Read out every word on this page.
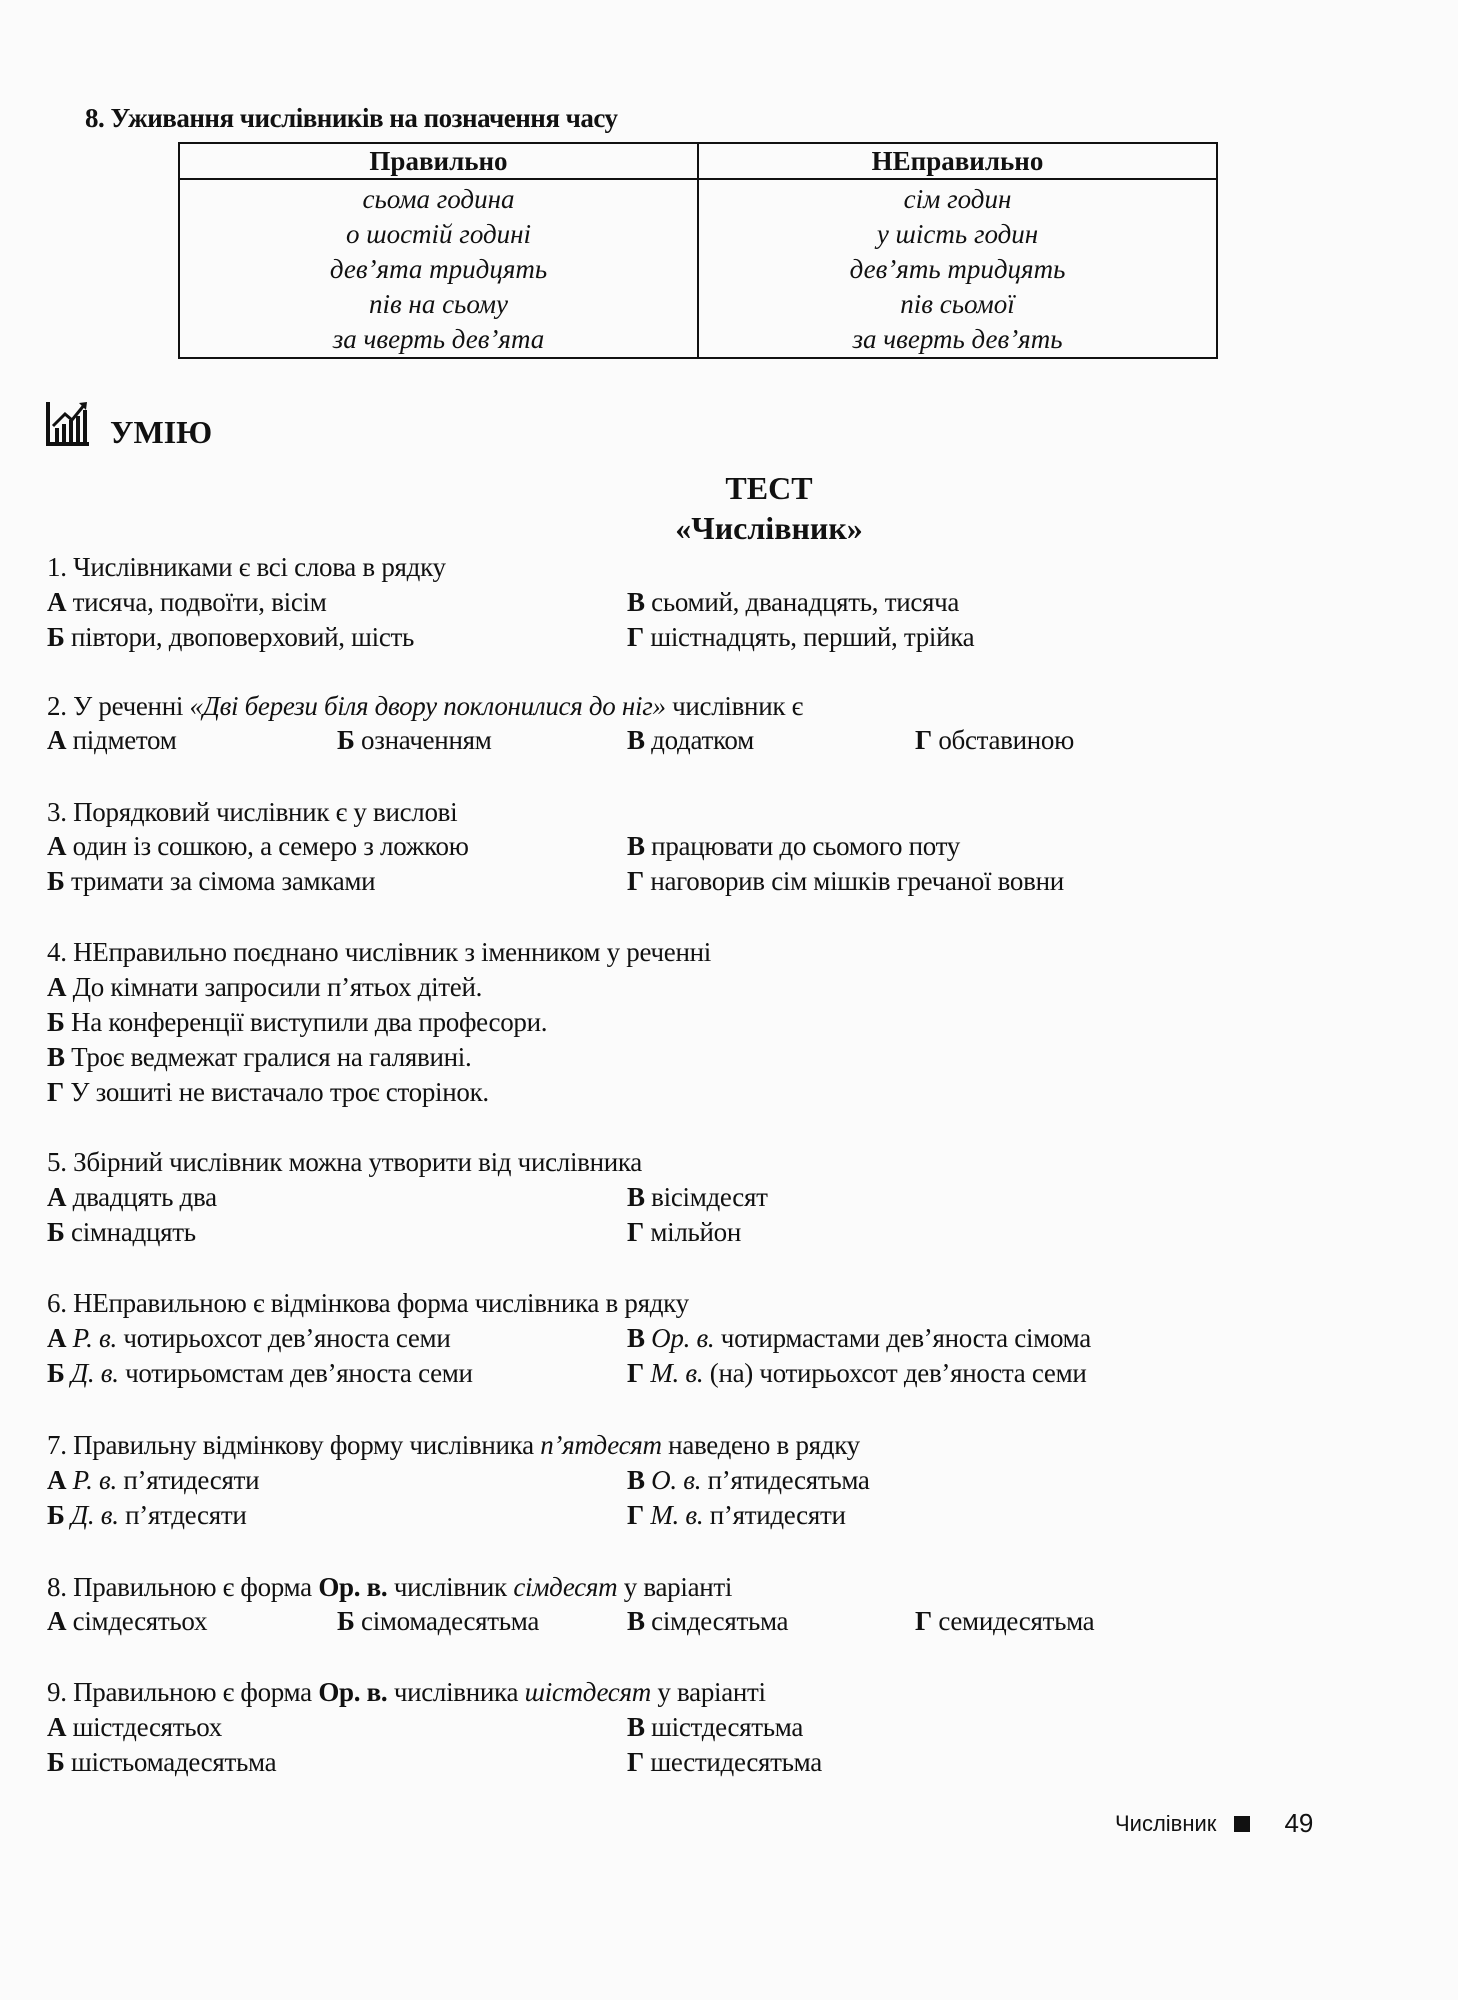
8. Уживання числівників на позначення часу
Правильно	НЕправильно
сьома година	сім годин
о шостій годині	у шість годин
дев’ята тридцять	дев’ять тридцять
пів на сьому	пів сьомої
за чверть дев’ята	за чверть дев’ять
УМІЮ
ТЕСТ
«Числівник»
1. Числівниками є всі слова в рядку
А тисяча, подвоїти, вісім	В сьомий, дванадцять, тисяча
Б півтори, двоповерховий, шість	Г шістнадцять, перший, трійка
2. У реченні «Дві берези біля двору поклонилися до ніг» числівник є
А підметом	Б означенням	В додатком	Г обставиною
3. Порядковий числівник є у вислові
А один із сошкою, а семеро з ложкою	В працювати до сьомого поту
Б тримати за сімома замками	Г наговорив сім мішків гречаної вовни
4. НЕправильно поєднано числівник з іменником у реченні
А До кімнати запросили п’ятьох дітей.
Б На конференції виступили два професори.
В Троє ведмежат гралися на галявині.
Г У зошиті не вистачало троє сторінок.
5. Збірний числівник можна утворити від числівника
А двадцять два	В вісімдесят
Б сімнадцять	Г мільйон
6. НЕправильною є відмінкова форма числівника в рядку
А Р. в. чотирьохсот дев’яноста семи	В Ор. в. чотирмастами дев’яноста сімома
Б Д. в. чотирьомстам дев’яноста семи	Г М. в. (на) чотирьохсот дев’яноста семи
7. Правильну відмінкову форму числівника п’ятдесят наведено в рядку
А Р. в. п’ятидесяти	В О. в. п’ятидесятьма
Б Д. в. п’ятдесяти	Г М. в. п’ятидесяти
8. Правильною є форма Ор. в. числівник сімдесят у варіанті
А сімдесятьох	Б сімомадесятьма	В сімдесятьма	Г семидесятьма
9. Правильною є форма Ор. в. числівника шістдесят у варіанті
А шістдесятьох	В шістдесятьма
Б шістьомадесятьма	Г шестидесятьма
Числівник	49
